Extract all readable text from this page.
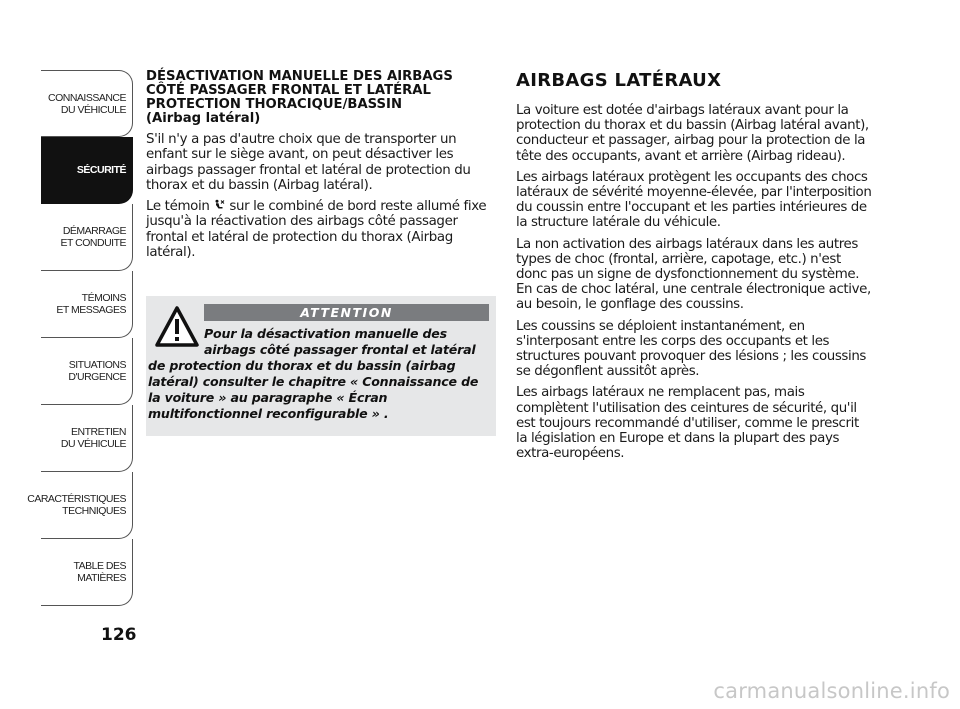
CONNAISSANCE
DU VÉHICULE
SÉCURITÉ
DÉMARRAGE
ET CONDUITE
TÉMOINS
ET MESSAGES
SITUATIONS
D'URGENCE
ENTRETIEN
DU VÉHICULE
CARACTÉRISTIQUES
TECHNIQUES
TABLE DES
MATIÈRES
126
DÉSACTIVATION MANUELLE DES AIRBAGS CÔTÉ PASSAGER FRONTAL ET LATÉRAL PROTECTION THORACIQUE/BASSIN
(Airbag latéral)

S'il n'y a pas d'autre choix que de transporter un enfant sur le siège avant, on peut désactiver les airbags passager frontal et latéral de protection du thorax et du bassin (Airbag latéral).

Le témoin  sur le combiné de bord reste allumé fixe jusqu'à la réactivation des airbags côté passager frontal et latéral de protection du thorax (Airbag latéral).

ATTENTION
Pour la désactivation manuelle des airbags côté passager frontal et latéral de protection du thorax et du bassin (airbag latéral) consulter le chapitre « Connaissance de la voiture » au paragraphe « Écran multifonctionnel reconfigurable » .
AIRBAGS LATÉRAUX

La voiture est dotée d'airbags latéraux avant pour la protection du thorax et du bassin (Airbag latéral avant), conducteur et passager, airbag pour la protection de la tête des occupants, avant et arrière (Airbag rideau).

Les airbags latéraux protègent les occupants des chocs latéraux de sévérité moyenne-élevée, par l'interposition du coussin entre l'occupant et les parties intérieures de la structure latérale du véhicule.

La non activation des airbags latéraux dans les autres types de choc (frontal, arrière, capotage, etc.) n'est donc pas un signe de dysfonctionnement du système. En cas de choc latéral, une centrale électronique active, au besoin, le gonflage des coussins.

Les coussins se déploient instantanément, en s'interposant entre les corps des occupants et les structures pouvant provoquer des lésions ; les coussins se dégonflent aussitôt après.

Les airbags latéraux ne remplacent pas, mais complètent l'utilisation des ceintures de sécurité, qu'il est toujours recommandé d'utiliser, comme le prescrit la législation en Europe et dans la plupart des pays extra-européens.

carmanualsonline.info
